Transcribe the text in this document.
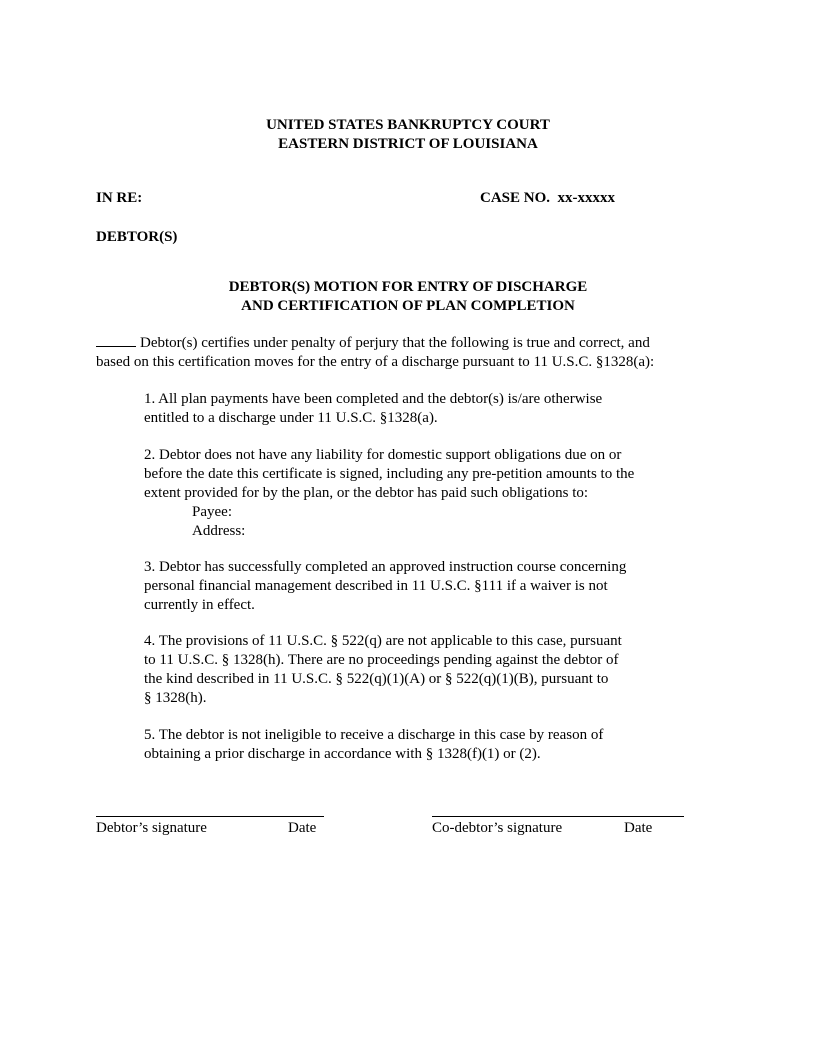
UNITED STATES BANKRUPTCY COURT
EASTERN DISTRICT OF LOUISIANA
IN RE:	CASE NO. xx-xxxxx
DEBTOR(S)
DEBTOR(S) MOTION FOR ENTRY OF DISCHARGE
AND CERTIFICATION OF PLAN COMPLETION
Debtor(s) certifies under penalty of perjury that the following is true and correct, and
based on this certification moves for the entry of a discharge pursuant to 11 U.S.C. §1328(a):
1. All plan payments have been completed and the debtor(s) is/are otherwise
entitled to a discharge under 11 U.S.C. §1328(a).
2. Debtor does not have any liability for domestic support obligations due on or
before the date this certificate is signed, including any pre-petition amounts to the
extent provided for by the plan, or the debtor has paid such obligations to:
Payee:
Address:
3. Debtor has successfully completed an approved instruction course concerning
personal financial management described in 11 U.S.C. §111 if a waiver is not
currently in effect.
4. The provisions of 11 U.S.C. § 522(q) are not applicable to this case, pursuant
to 11 U.S.C. § 1328(h). There are no proceedings pending against the debtor of
the kind described in 11 U.S.C. § 522(q)(1)(A) or § 522(q)(1)(B), pursuant to
§ 1328(h).
5. The debtor is not ineligible to receive a discharge in this case by reason of
obtaining a prior discharge in accordance with § 1328(f)(1) or (2).
Debtor’s signature	Date	Co-debtor’s signature	Date
